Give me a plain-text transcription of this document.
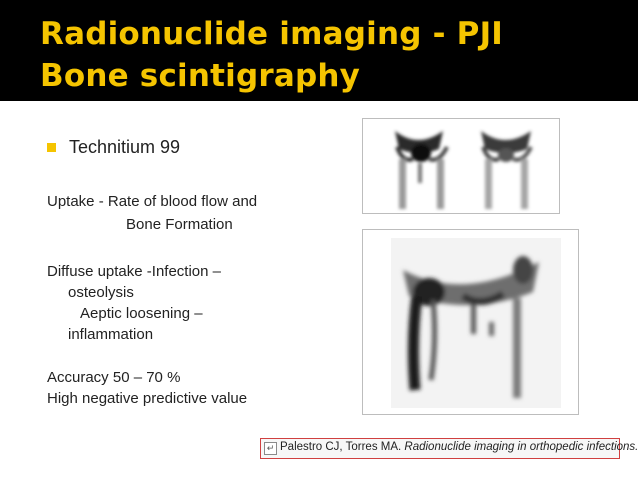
Radionuclide imaging - PJI
Bone scintigraphy
Technitium 99
Uptake - Rate of blood flow and
Bone Formation
Diffuse uptake -Infection –
osteolysis
Aeptic loosening –
inflammation
Accuracy 50 – 70 %
High negative predictive value
↵ Palestro CJ, Torres MA. Radionuclide imaging in orthopedic infections.
